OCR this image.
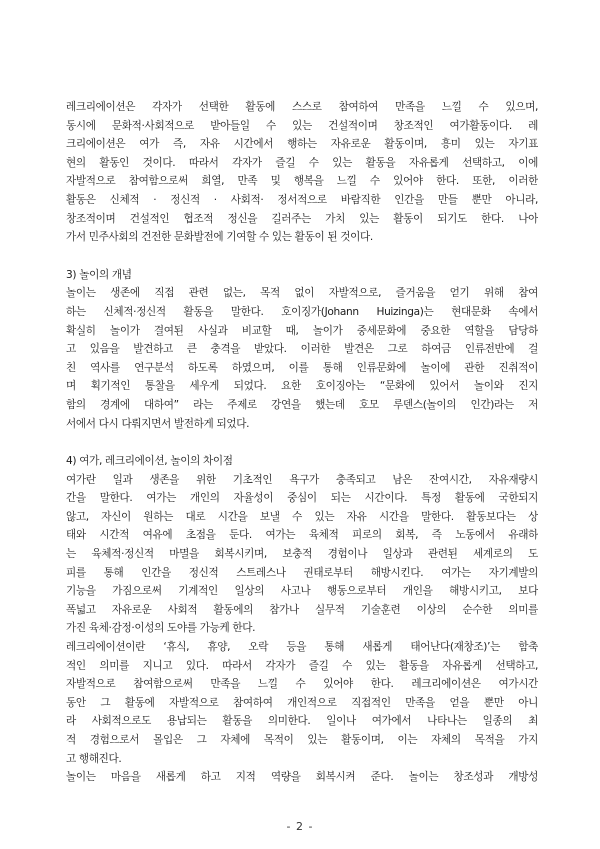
레크리에이션은 각자가 선택한 활동에 스스로 참여하여 만족을 느낄 수 있으며,
동시에 문화적·사회적으로 받아들일 수 있는 건설적이며 창조적인 여가활동이다. 레
크리에이션은 여가 즉, 자유 시간에서 행하는 자유로운 활동이며, 흥미 있는 자기표
현의 활동인 것이다. 따라서 각자가 즐길 수 있는 활동을 자유롭게 선택하고, 이에
자발적으로 참여함으로써 희열, 만족 및 행복을 느낄 수 있어야 한다. 또한, 이러한
활동은 신체적 · 정신적 · 사회적· 정서적으로 바람직한 인간을 만들 뿐만 아니라,
창조적이며 건설적인 협조적 정신을 길러주는 가치 있는 활동이 되기도 한다. 나아
가서 민주사회의 건전한 문화발전에 기여할 수 있는 활동이 된 것이다.
3) 놀이의 개념
놀이는 생존에 직접 관련 없는, 목적 없이 자발적으로, 즐거움을 얻기 위해 참여
하는 신체적·정신적 활동을 말한다. 호이징가(Johann Huizinga)는 현대문화 속에서
확실히 놀이가 결여된 사실과 비교할 때, 놀이가 중세문화에 중요한 역할을 담당하
고 있음을 발견하고 큰 충격을 받았다. 이러한 발견은 그로 하여금 인류전반에 걸
친 역사를 연구분석 하도록 하였으며, 이를 통해 인류문화에 놀이에 관한 진취적이
며 획기적인 통찰을 세우게 되었다. 요한 호이징아는 “문화에 있어서 놀이와 진지
함의 경계에 대하여” 라는 주제로 강연을 했는데 호모 루덴스(놀이의 인간)라는 저
서에서 다시 다뤄지면서 발전하게 되었다.
4) 여가, 레크리에이션, 놀이의 차이점
여가란 일과 생존을 위한 기초적인 욕구가 충족되고 남은 잔여시간, 자유재량시
간을 말한다. 여가는 개인의 자율성이 중심이 되는 시간이다. 특정 활동에 국한되지
않고, 자신이 원하는 대로 시간을 보낼 수 있는 자유 시간을 말한다. 활동보다는 상
태와 시간적 여유에 초점을 둔다. 여가는 육체적 피로의 회복, 즉 노동에서 유래하
는 육체적·정신적 마멸을 회복시키며, 보충적 경험이나 일상과 관련된 세계로의 도
피를 통해 인간을 정신적 스트레스나 권태로부터 해방시킨다. 여가는 자기계발의
기능을 가짐으로써 기계적인 일상의 사고나 행동으로부터 개인을 해방시키고, 보다
폭넓고 자유로운 사회적 활동에의 참가나 실무적 기술훈련 이상의 순수한 의미를
가진 육체·감정·이성의 도야를 가능케 한다.
레크리에이션이란 ‘휴식, 휴양, 오락 등을 통해 새롭게 태어난다(재창조)’는 함축
적인 의미를 지니고 있다. 따라서 각자가 즐길 수 있는 활동을 자유롭게 선택하고,
자발적으로 참여함으로써 만족을 느낄 수 있어야 한다. 레크리에이션은 여가시간
동안 그 활동에 자발적으로 참여하여 개인적으로 직접적인 만족을 얻을 뿐만 아니
라 사회적으로도 용납되는 활동을 의미한다. 일이나 여가에서 나타나는 일종의 최
적 경험으로서 몰입은 그 자체에 목적이 있는 활동이며, 이는 자체의 목적을 가지
고 행해진다.
놀이는 마음을 새롭게 하고 지적 역량을 회복시켜 준다. 놀이는 창조성과 개방성
- 2 -
